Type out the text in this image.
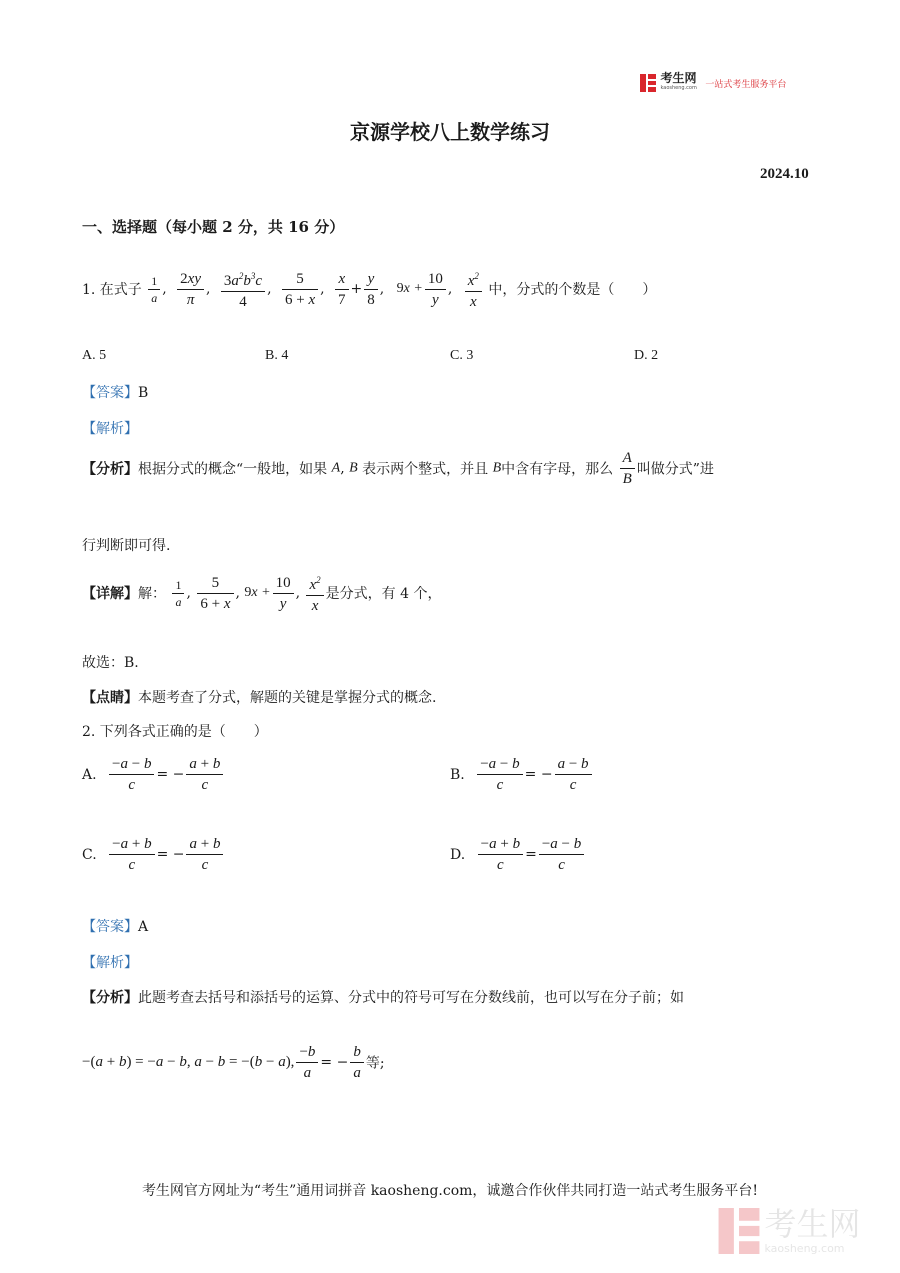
考生网
kaosheng.com 一站式考生服务平台
京源学校八上数学练习
2024.10
一、选择题（每小题 2 分，共 16 分）
1. 在式子 $\frac{1}{a}$ , $\frac{2xy}{\pi}$ , $\frac{3a^2b^3c}{4}$ , $\frac{5}{6 + x}$ , $\frac{x}{7} + \frac{y}{8}$ , $9x + \frac{10}{y}$ , $\frac{x^2}{x}$ 中，分式的个数是（　　）
A. 5	B. 4	C. 3	D. 2
【答案】B
【解析】
【分析】根据分式的概念“一般地，如果 A, B 表示两个整式，并且 B中含有字母，那么 $\frac{A}{B}$ 叫做分式”进
行判断即可得.
【详解】解： $\frac{1}{a}$ , $\frac{5}{6 + x}$ , $9x + \frac{10}{y}$ , $\frac{x^2}{x}$ 是分式，有 4 个，
故选：B.
【点睛】本题考查了分式，解题的关键是掌握分式的概念.
2. 下列各式正确的是（　　）
A. $\frac{-a - b}{c}$ = − $\frac{a + b}{c}$	B. $\frac{-a - b}{c}$ = − $\frac{a - b}{c}$
C. $\frac{-a + b}{c}$ = − $\frac{a + b}{c}$	D. $\frac{-a + b}{c} = \frac{-a - b}{c}$
【答案】A
【解析】
【分析】此题考查去括号和添括号的运算、分式中的符号可写在分数线前，也可以写在分子前；如
−(a + b) = −a − b, a − b = −(b − a), $\frac{-b}{a}$ = − $\frac{b}{a}$ 等;
考生网官方网址为“考生”通用词拼音 kaosheng.com，诚邀合作伙伴共同打造一站式考生服务平台!

考生网
kaosheng.com
